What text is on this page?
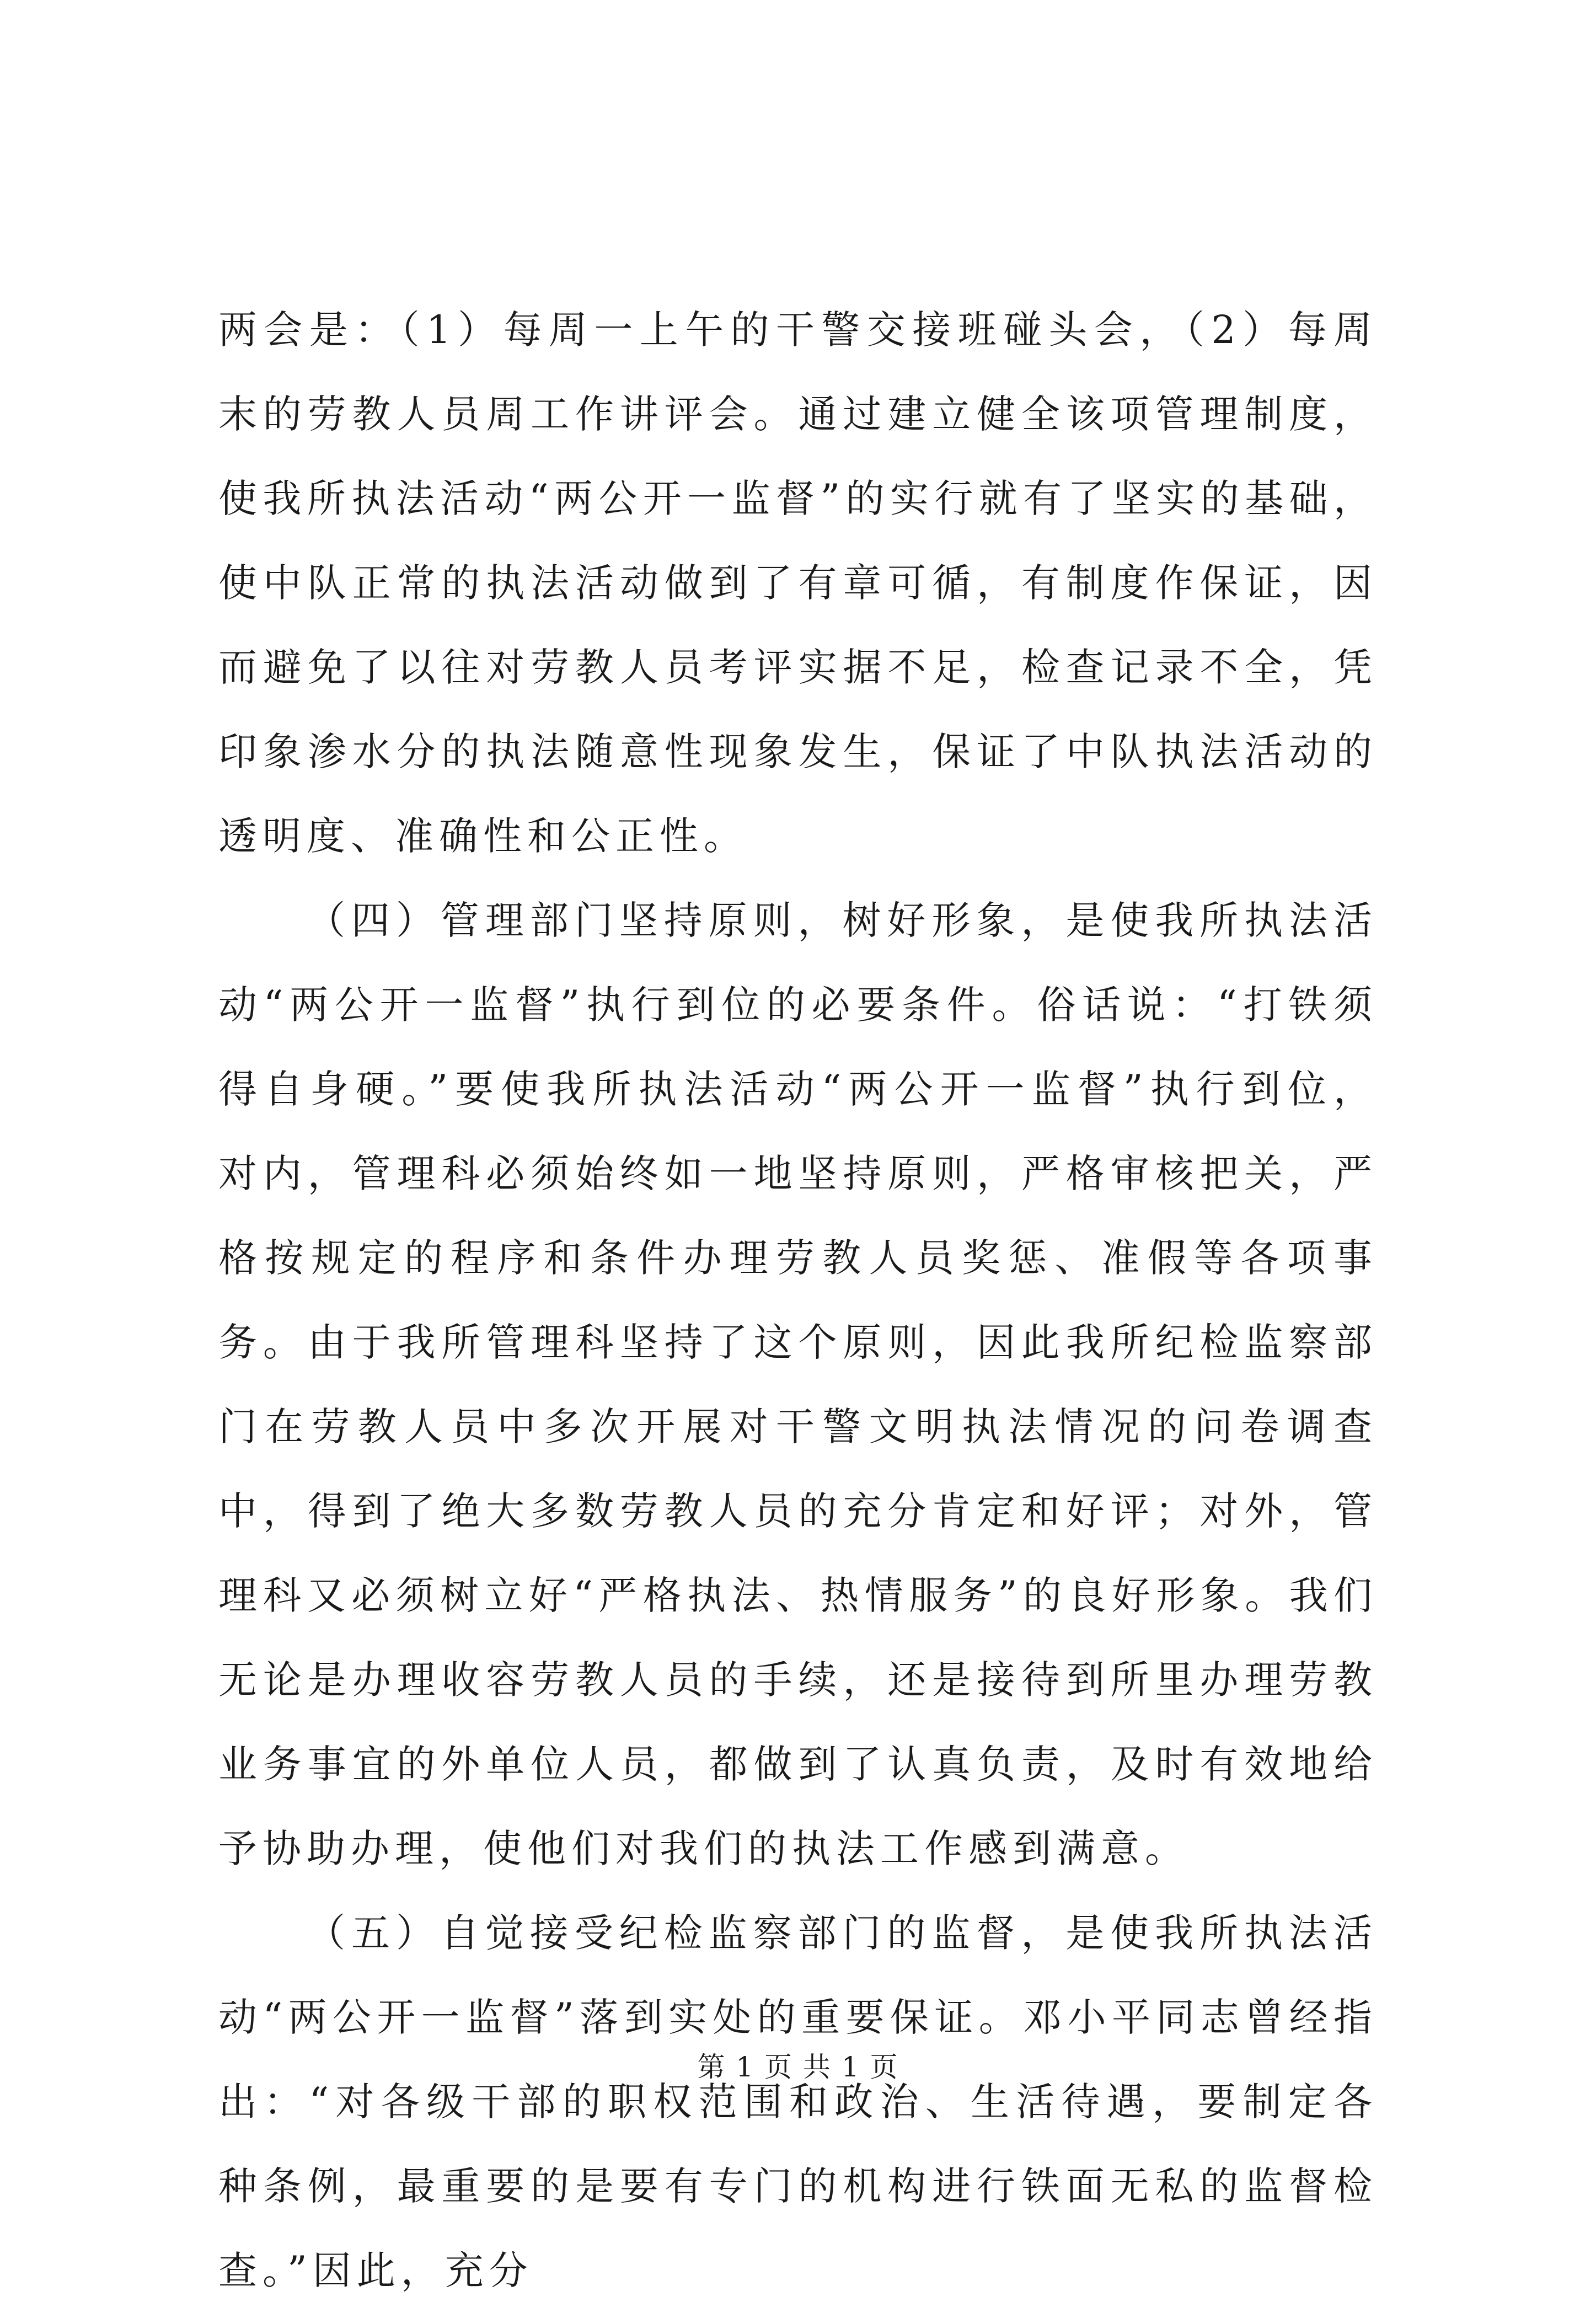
两会是：（1）每周一上午的干警交接班碰头会，（2）每周末的劳教人员周工作讲评会。通过建立健全该项管理制度，使我所执法活动“两公开一监督”的实行就有了坚实的基础，使中队正常的执法活动做到了有章可循，有制度作保证，因而避免了以往对劳教人员考评实据不足，检查记录不全，凭印象渗水分的执法随意性现象发生，保证了中队执法活动的透明度、准确性和公正性。

（四）管理部门坚持原则，树好形象，是使我所执法活动“两公开一监督”执行到位的必要条件。俗话说：“打铁须得自身硬。”要使我所执法活动“两公开一监督”执行到位，对内，管理科必须始终如一地坚持原则，严格审核把关，严格按规定的程序和条件办理劳教人员奖惩、准假等各项事务。由于我所管理科坚持了这个原则，因此我所纪检监察部门在劳教人员中多次开展对干警文明执法情况的问卷调查中，得到了绝大多数劳教人员的充分肯定和好评；对外，管理科又必须树立好“严格执法、热情服务”的良好形象。我们无论是办理收容劳教人员的手续，还是接待到所里办理劳教业务事宜的外单位人员，都做到了认真负责，及时有效地给予协助办理，使他们对我们的执法工作感到满意。

（五）自觉接受纪检监察部门的监督，是使我所执法活动“两公开一监督”落到实处的重要保证。邓小平同志曾经指出：“对各级干部的职权范围和政治、生活待遇，要制定各种条例，最重要的是要有专门的机构进行铁面无私的监督检查。”因此，充分

第 1 页 共 1 页
